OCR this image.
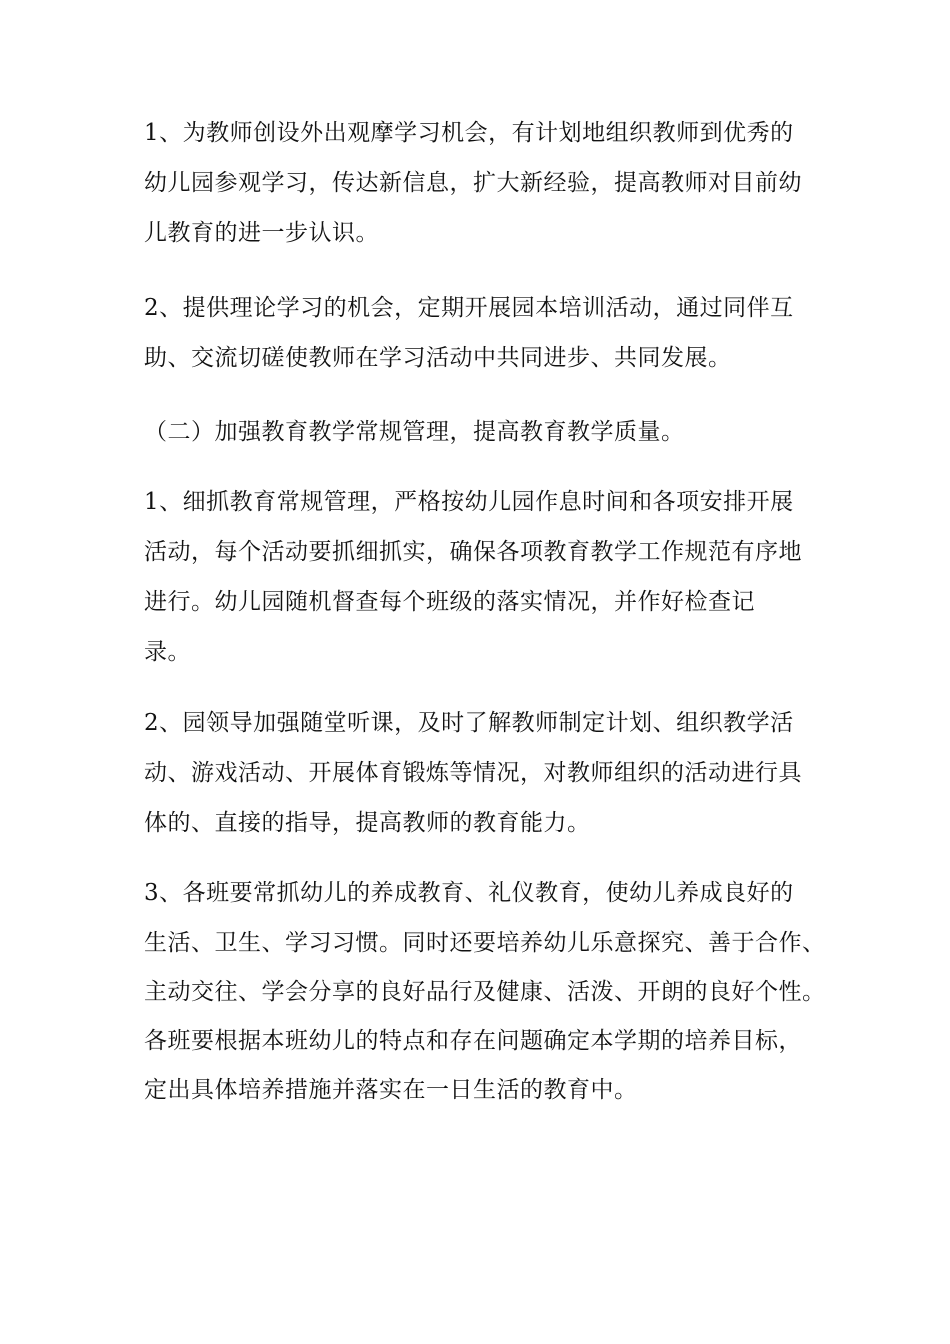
1、为教师创设外出观摩学习机会，有计划地组织教师到优秀的
幼儿园参观学习，传达新信息，扩大新经验，提高教师对目前幼
儿教育的进一步认识。
2、提供理论学习的机会，定期开展园本培训活动，通过同伴互
助、交流切磋使教师在学习活动中共同进步、共同发展。
（二）加强教育教学常规管理，提高教育教学质量。
1、细抓教育常规管理，严格按幼儿园作息时间和各项安排开展
活动，每个活动要抓细抓实，确保各项教育教学工作规范有序地
进行。幼儿园随机督查每个班级的落实情况，并作好检查记
录。
2、园领导加强随堂听课，及时了解教师制定计划、组织教学活
动、游戏活动、开展体育锻炼等情况，对教师组织的活动进行具
体的、直接的指导，提高教师的教育能力。
3、各班要常抓幼儿的养成教育、礼仪教育，使幼儿养成良好的
生活、卫生、学习习惯。同时还要培养幼儿乐意探究、善于合作、
主动交往、学会分享的良好品行及健康、活泼、开朗的良好个性。
各班要根据本班幼儿的特点和存在问题确定本学期的培养目标，
定出具体培养措施并落实在一日生活的教育中。
